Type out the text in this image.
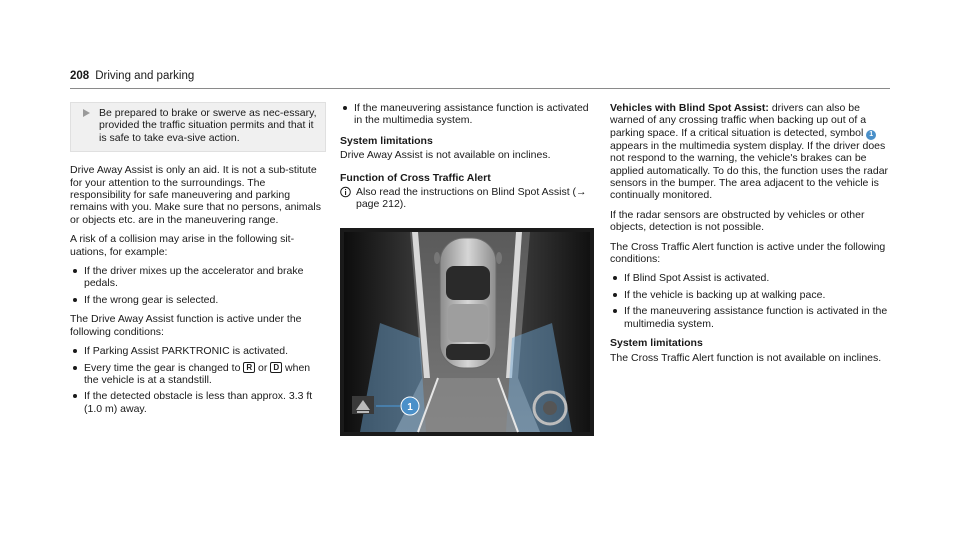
208 Driving and parking
Be prepared to brake or swerve as nec-essary, provided the traffic situation permits and that it is safe to take eva-sive action.

Drive Away Assist is only an aid. It is not a sub-stitute for your attention to the surroundings. The responsibility for safe maneuvering and parking remains with you. Make sure that no persons, animals or objects etc. are in the maneuvering range.

A risk of a collision may arise in the following sit-uations, for example:

If the driver mixes up the accelerator and brake pedals.
If the wrong gear is selected.

The Drive Away Assist function is active under the following conditions:

If Parking Assist PARKTRONIC is activated.
Every time the gear is changed to R or D when the vehicle is at a standstill.
If the detected obstacle is less than approx. 3.3 ft (1.0 m) away.
If the maneuvering assistance function is activated in the multimedia system.
System limitations

Drive Away Assist is not available on inclines.

Function of Cross Traffic Alert
Also read the instructions on Blind Spot Assist (→ page 212).
1

Vehicles with Blind Spot Assist: drivers can also be warned of any crossing traffic when backing up out of a parking space. If a critical situation is detected, symbol 1 appears in the multimedia system display. If the driver does not respond to the warning, the vehicle's brakes can be applied automatically. To do this, the function uses the radar sensors in the bumper. The area adjacent to the vehicle is continually monitored.

If the radar sensors are obstructed by vehicles or other objects, detection is not possible.

The Cross Traffic Alert function is active under the following conditions:

If Blind Spot Assist is activated.
If the vehicle is backing up at walking pace.
If the maneuvering assistance function is activated in the multimedia system.
System limitations

The Cross Traffic Alert function is not available on inclines.
